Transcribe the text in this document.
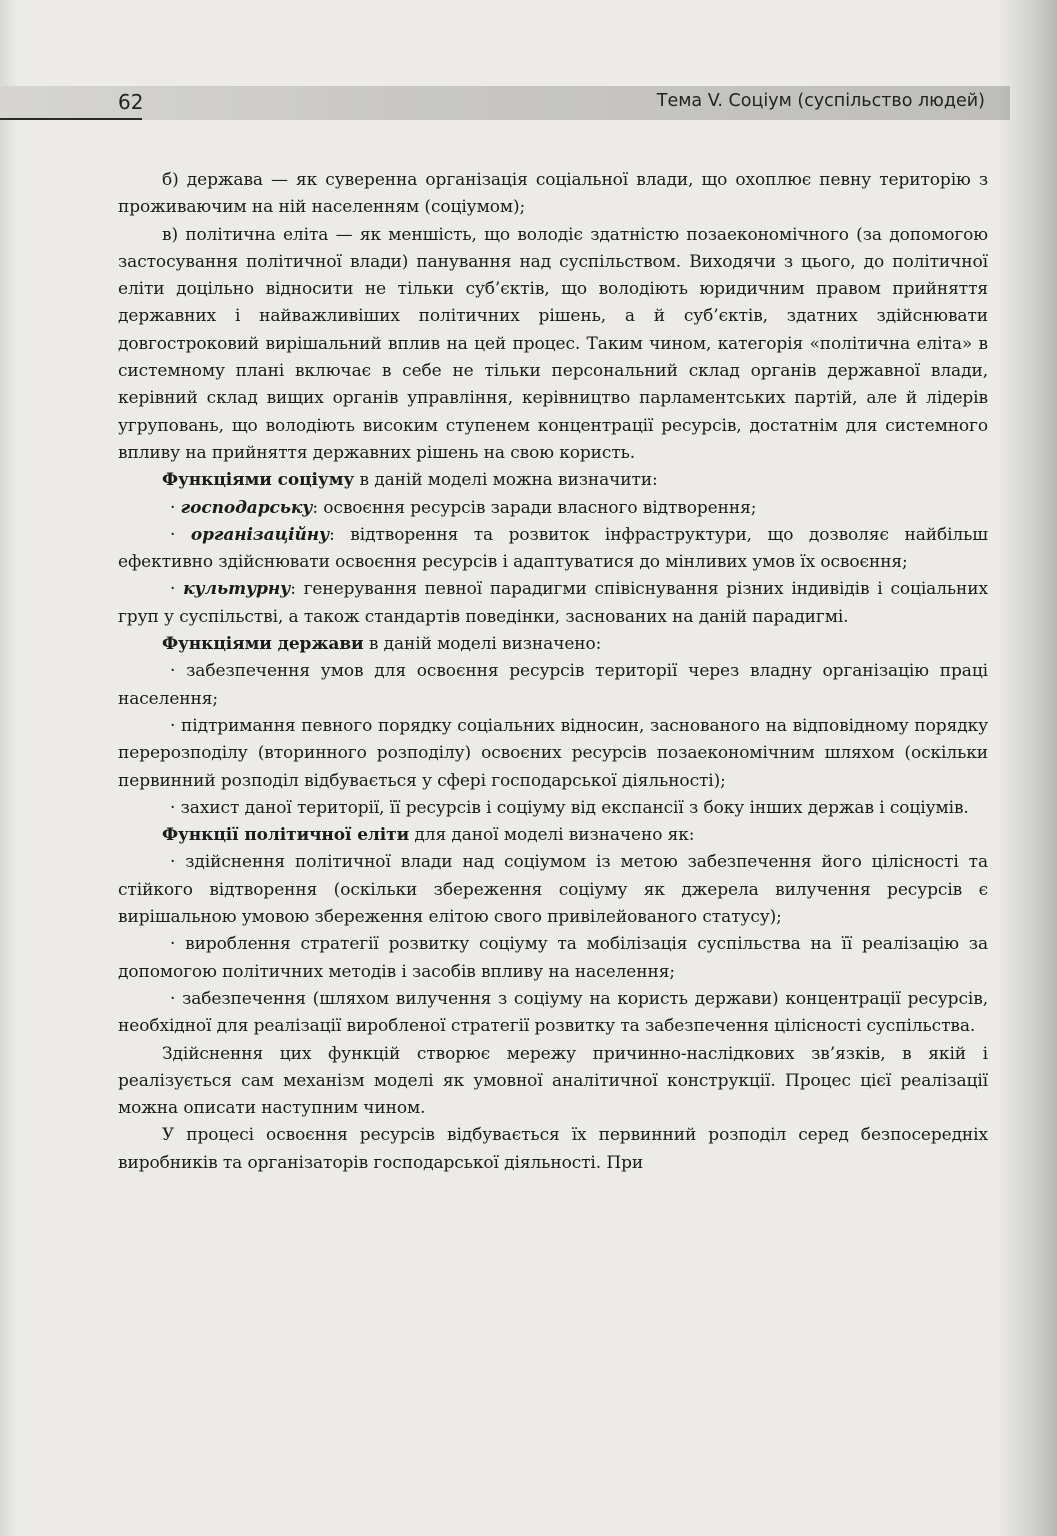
62	Тема V. Соціум (суспільство людей)

б) держава — як суверенна організація соціальної влади, що охоплює певну територію з проживаючим на ній населенням (соціумом);

в) політична еліта — як меншість, що володіє здатністю позаекономічного (за допомогою застосування політичної влади) панування над суспільством. Виходячи з цього, до політичної еліти доцільно відносити не тільки суб’єктів, що володіють юридичним правом прийняття державних і найважливіших політичних рішень, а й суб’єктів, здатних здійснювати довгостроковий вирішальний вплив на цей процес. Таким чином, категорія «політична еліта» в системному плані включає в себе не тільки персональний склад органів державної влади, керівний склад вищих органів управління, керівництво парламентських партій, але й лідерів угруповань, що володіють високим ступенем концентрації ресурсів, достатнім для системного впливу на прийняття державних рішень на свою користь.

Функціями соціуму в даній моделі можна визначити:

· господарську: освоєння ресурсів заради власного відтворення;

· організаційну: відтворення та розвиток інфраструктури, що дозволяє найбільш ефективно здійснювати освоєння ресурсів і адаптуватися до мінливих умов їх освоєння;

· культурну: генерування певної парадигми співіснування різних індивідів і соціальних груп у суспільстві, а також стандартів поведінки, заснованих на даній парадигмі.

Функціями держави в даній моделі визначено:

· забезпечення умов для освоєння ресурсів території через владну організацію праці населення;

· підтримання певного порядку соціальних відносин, заснованого на відповідному порядку перерозподілу (вторинного розподілу) освоєних ресурсів позаекономічним шляхом (оскільки первинний розподіл відбувається у сфері господарської діяльності);

· захист даної території, її ресурсів і соціуму від експансії з боку інших держав і соціумів.

Функції політичної еліти для даної моделі визначено як:

· здійснення політичної влади над соціумом із метою забезпечення його цілісності та стійкого відтворення (оскільки збереження соціуму як джерела вилучення ресурсів є вирішальною умовою збереження елітою свого привілейованого статусу);

· вироблення стратегії розвитку соціуму та мобілізація суспільства на її реалізацію за допомогою політичних методів і засобів впливу на населення;

· забезпечення (шляхом вилучення з соціуму на користь держави) концентрації ресурсів, необхідної для реалізації виробленої стратегії розвитку та забезпечення цілісності суспільства.

Здійснення цих функцій створює мережу причинно-наслідкових зв’язків, в якій і реалізується сам механізм моделі як умовної аналітичної конструкції. Процес цієї реалізації можна описати наступним чином.

У процесі освоєння ресурсів відбувається їх первинний розподіл серед безпосередніх виробників та організаторів господарської діяльності. При
